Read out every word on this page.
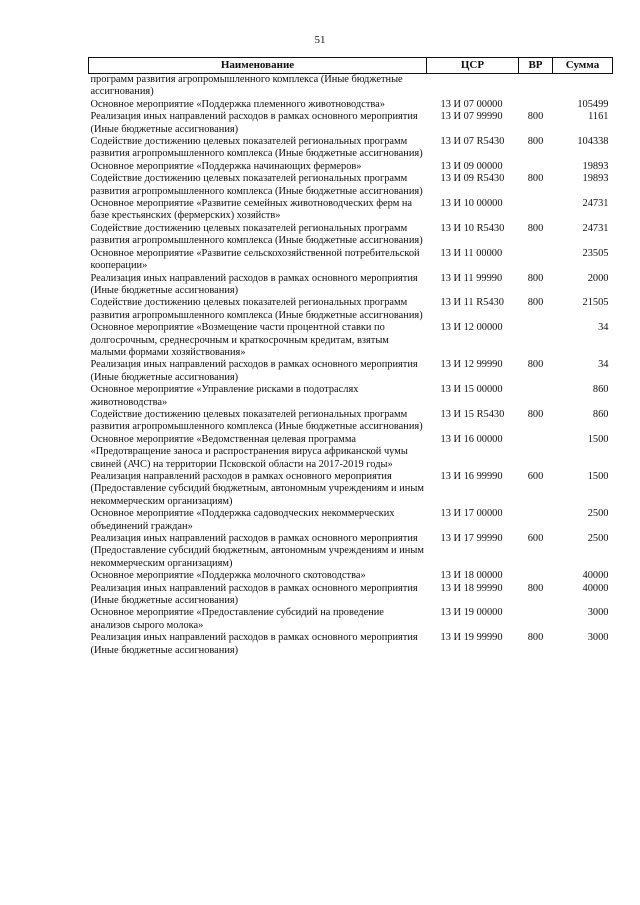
51
Наименование	ЦСР	ВР	Сумма
программ развития агропромышленного комплекса (Иные бюджетные ассигнования)			
Основное мероприятие «Поддержка племенного животноводства»	13 И 07 00000		105499
Реализация иных направлений расходов в рамках основного мероприятия (Иные бюджетные ассигнования)	13 И 07 99990	800	1161
Содействие достижению целевых показателей региональных программ развития агропромышленного комплекса (Иные бюджетные ассигнования)	13 И 07 R5430	800	104338
Основное мероприятие «Поддержка начинающих фермеров»	13 И 09 00000		19893
Содействие достижению целевых показателей региональных программ развития агропромышленного комплекса (Иные бюджетные ассигнования)	13 И 09 R5430	800	19893
Основное мероприятие «Развитие семейных животноводческих ферм на базе крестьянских (фермерских) хозяйств»	13 И 10 00000		24731
Содействие достижению целевых показателей региональных программ развития агропромышленного комплекса (Иные бюджетные ассигнования)	13 И 10 R5430	800	24731
Основное мероприятие «Развитие сельскохозяйственной потребительской кооперации»	13 И 11 00000		23505
Реализация иных направлений расходов в рамках основного мероприятия (Иные бюджетные ассигнования)	13 И 11 99990	800	2000
Содействие достижению целевых показателей региональных программ развития агропромышленного комплекса (Иные бюджетные ассигнования)	13 И 11 R5430	800	21505
Основное мероприятие «Возмещение части процентной ставки по долгосрочным, среднесрочным и краткосрочным кредитам, взятым малыми формами хозяйствования»	13 И 12 00000		34
Реализация иных направлений расходов в рамках основного мероприятия (Иные бюджетные ассигнования)	13 И 12 99990	800	34
Основное мероприятие «Управление рисками в подотраслях животноводства»	13 И 15 00000		860
Содействие достижению целевых показателей региональных программ развития агропромышленного комплекса (Иные бюджетные ассигнования)	13 И 15 R5430	800	860
Основное мероприятие «Ведомственная целевая программа «Предотвращение заноса и распространения вируса африканской чумы свиней (АЧС) на территории Псковской области на 2017-2019 годы»	13 И 16 00000		1500
Реализация направлений расходов в рамках основного мероприятия (Предоставление субсидий бюджетным, автономным учреждениям и иным некоммерческим организациям)	13 И 16 99990	600	1500
Основное мероприятие «Поддержка садоводческих некоммерческих объединений граждан»	13 И 17 00000		2500
Реализация иных направлений расходов в рамках основного мероприятия (Предоставление субсидий бюджетным, автономным учреждениям и иным некоммерческим организациям)	13 И 17 99990	600	2500
Основное мероприятие «Поддержка молочного скотоводства»	13 И 18 00000		40000
Реализация иных направлений расходов в рамках основного мероприятия (Иные бюджетные ассигнования)	13 И 18 99990	800	40000
Основное мероприятие «Предоставление субсидий на проведение анализов сырого молока»	13 И 19 00000		3000
Реализация иных направлений расходов в рамках основного мероприятия (Иные бюджетные ассигнования)	13 И 19 99990	800	3000
